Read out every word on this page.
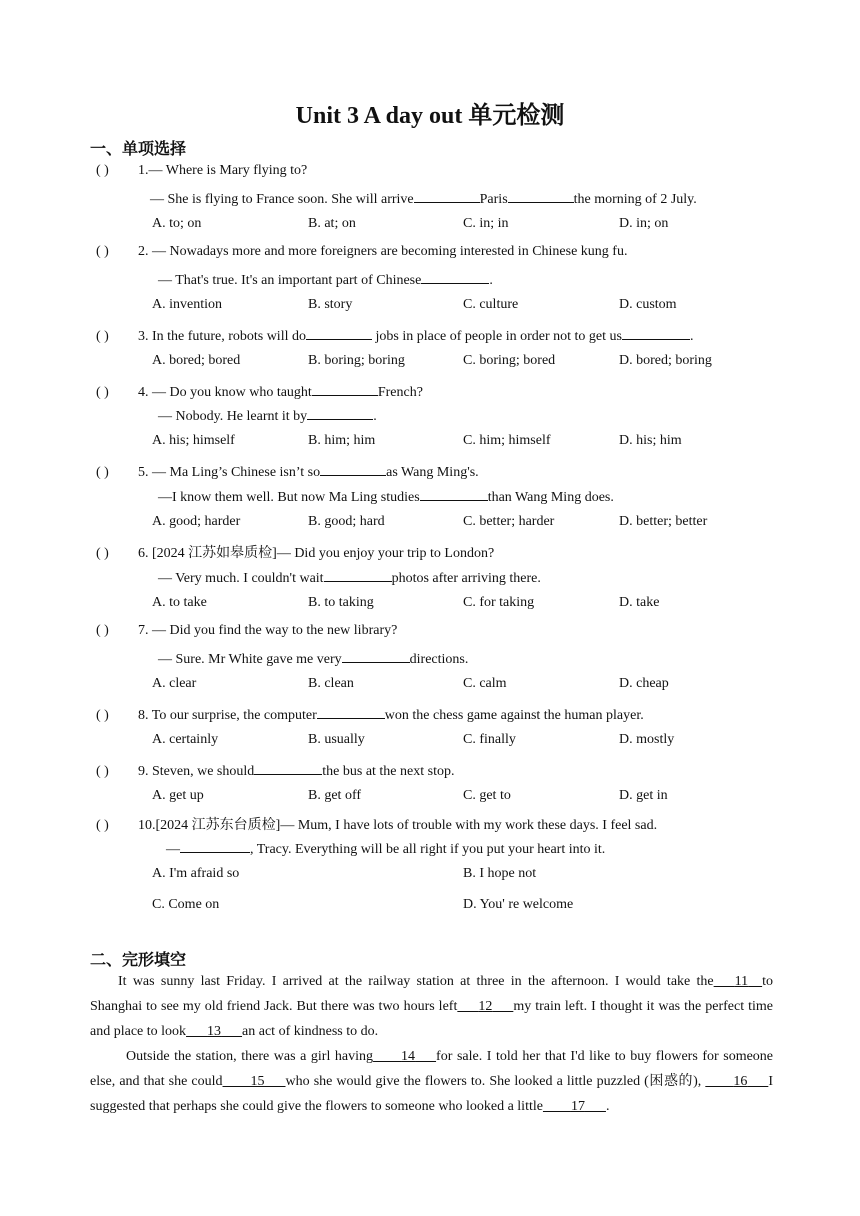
Unit 3 A day out 单元检测
一、单项选择
( ) 1.— Where is Mary flying to?
— She is flying to France soon. She will arrive	Paris	the morning of 2 July.
A. to; on	B. at; on	C. in; in	D. in; on
( ) 2. — Nowadays more and more foreigners are becoming interested in Chinese kung fu.
— That's true. It's an important part of Chinese	.
A. invention	B. story	C. culture	D. custom
( ) 3. In the future, robots will do	jobs in place of people in order not to get us	.
A. bored; bored	B. boring; boring	C. boring; bored	D. bored; boring
( ) 4. — Do you know who taught	French?
— Nobody. He learnt it by	.
A. his; himself	B. him; him	C. him; himself	D. his; him
( ) 5. — Ma Ling’s Chinese isn’t so	as Wang Ming's.
—I know them well. But now Ma Ling studies	than Wang Ming does.
A. good; harder	B. good; hard	C. better; harder	D. better; better
( ) 6. [2024 江苏如皋质检]— Did you enjoy your trip to London?
— Very much. I couldn't wait	photos after arriving there.
A. to take	B. to taking	C. for taking	D. take
( ) 7. — Did you find the way to the new library?
— Sure. Mr White gave me very	directions.
A. clear	B. clean	C. calm	D. cheap
( ) 8. To our surprise, the computer	won the chess game against the human player.
A. certainly	B. usually	C. finally	D. mostly
( ) 9. Steven, we should	the bus at the next stop.
A. get up	B. get off	C. get to	D. get in
( ) 10.[2024 江苏东台质检]— Mum, I have lots of trouble with my work these days. I feel sad.
—	, Tracy. Everything will be all right if you put your heart into it.
A. I'm afraid so	B. I hope not
C. Come on	D. You' re welcome
二、完形填空
It was sunny last Friday. I arrived at the railway station at three in the afternoon. I would take the    11   to Shanghai to see my old friend Jack. But there was two hours left    12    my train left. I thought it was the perfect time and place to look    13    an act of kindness to do.
Outside the station, there was a girl having     14    for sale. I told her that I'd like to buy flowers for someone else, and that she could     15    who she would give the flowers to. She looked a little puzzled (困惑的),     16    I suggested that perhaps she could give the flowers to someone who looked a little     17    .
